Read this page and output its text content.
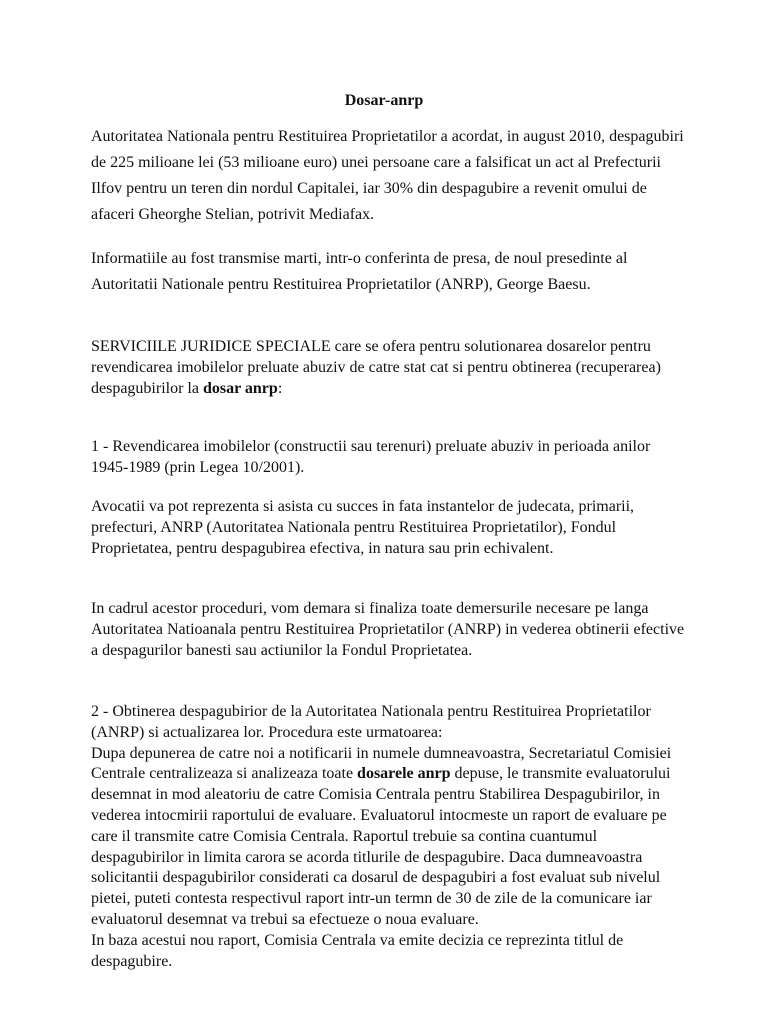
Dosar-anrp

Autoritatea Nationala pentru Restituirea Proprietatilor a acordat, in august 2010, despagubiri de 225 milioane lei (53 milioane euro) unei persoane care a falsificat un act al Prefecturii Ilfov pentru un teren din nordul Capitalei, iar 30% din despagubire a revenit omului de afaceri Gheorghe Stelian, potrivit Mediafax.

Informatiile au fost transmise marti, intr-o conferinta de presa, de noul presedinte al Autoritatii Nationale pentru Restituirea Proprietatilor (ANRP), George Baesu.

SERVICIILE JURIDICE SPECIALE care se ofera pentru solutionarea dosarelor pentru revendicarea imobilelor preluate abuziv de catre stat cat si pentru obtinerea (recuperarea) despagubirilor la dosar anrp:

1 - Revendicarea imobilelor (constructii sau terenuri) preluate abuziv in perioada anilor 1945-1989 (prin Legea 10/2001).

Avocatii va pot reprezenta si asista cu succes in fata instantelor de judecata, primarii, prefecturi, ANRP (Autoritatea Nationala pentru Restituirea Proprietatilor), Fondul Proprietatea, pentru despagubirea efectiva, in natura sau prin echivalent.

In cadrul acestor proceduri, vom demara si finaliza toate demersurile necesare pe langa Autoritatea Natioanala pentru Restituirea Proprietatilor (ANRP) in vederea obtinerii efective a despagurilor banesti sau actiunilor la Fondul Proprietatea.

2 - Obtinerea despagubirior de la Autoritatea Nationala pentru Restituirea Proprietatilor (ANRP) si actualizarea lor. Procedura este urmatoarea:
Dupa depunerea de catre noi a notificarii in numele dumneavoastra, Secretariatul Comisiei Centrale centralizeaza si analizeaza toate dosarele anrp depuse, le transmite evaluatorului desemnat in mod aleatoriu de catre Comisia Centrala pentru Stabilirea Despagubirilor, in vederea intocmirii raportului de evaluare. Evaluatorul intocmeste un raport de evaluare pe care il transmite catre Comisia Centrala. Raportul trebuie sa contina cuantumul despagubirilor in limita carora se acorda titlurile de despagubire. Daca dumneavoastra solicitantii despagubirilor considerati ca dosarul de despagubiri a fost evaluat sub nivelul pietei, puteti contesta respectivul raport intr-un termn de 30 de zile de la comunicare iar evaluatorul desemnat va trebui sa efectueze o noua evaluare.
In baza acestui nou raport, Comisia Centrala va emite decizia ce reprezinta titlul de despagubire.
